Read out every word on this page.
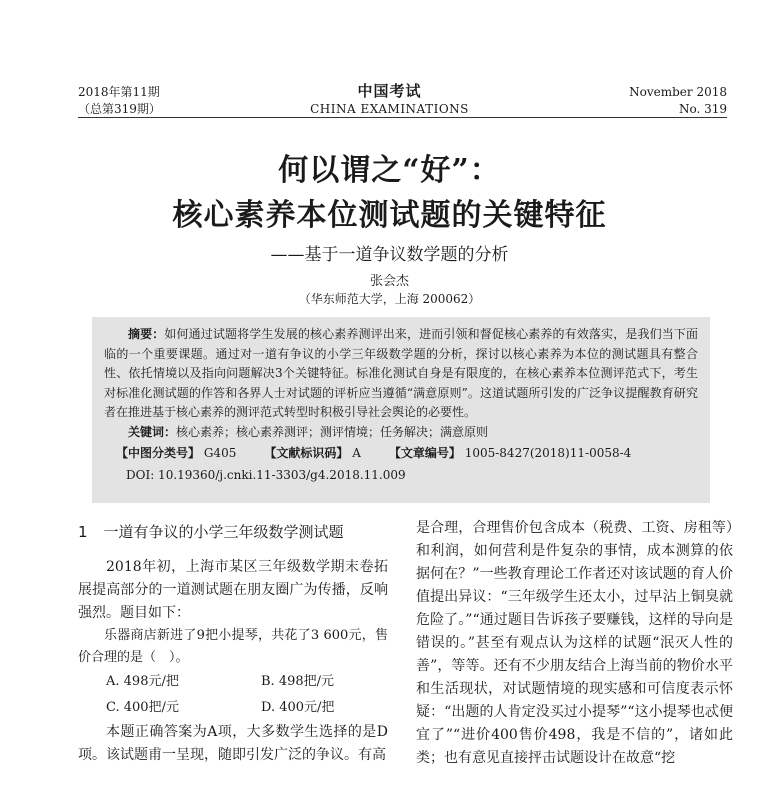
2018年第11期
（总第319期）
中国考试
CHINA EXAMINATIONS
November 2018
No. 319
何以谓之“好”：
核心素养本位测试题的关键特征
——基于一道争议数学题的分析
张会杰
（华东师范大学，上海 200062）

摘要：如何通过试题将学生发展的核心素养测评出来，进而引领和督促核心素养的有效落实，是我们当下面临的一个重要课题。通过对一道有争议的小学三年级数学题的分析，探讨以核心素养为本位的测试题具有整合性、依托情境以及指向问题解决3个关键特征。标准化测试自身是有限度的，在核心素养本位测评范式下，考生对标准化测试题的作答和各界人士对试题的评析应当遵循“满意原则”。这道试题所引发的广泛争议提醒教育研究者在推进基于核心素养的测评范式转型时积极引导社会舆论的必要性。

关键词：核心素养；核心素养测评；测评情境；任务解决；满意原则

【中图分类号】 G405 【文献标识码】 A 【文章编号】 1005-8427(2018)11-0058-4
DOI: 10.19360/j.cnki.11-3303/g4.2018.11.009

1 一道有争议的小学三年级数学测试题

2018年初，上海市某区三年级数学期末卷拓展提高部分的一道测试题在朋友圈广为传播，反响强烈。题目如下：

乐器商店新进了9把小提琴，共花了3 600元，售价合理的是（　）。

A. 498元/把	B. 498把/元
C. 400把/元	D. 400元/把

本题正确答案为A项，大多数学生选择的是D项。该试题甫一呈现，随即引发广泛的争议。有高

是合理，合理售价包含成本（税费、工资、房租等）和利润，如何营利是件复杂的事情，成本测算的依据何在？”一些教育理论工作者还对该试题的育人价值提出异议：“三年级学生还太小，过早沾上铜臭就危险了。”“通过题目告诉孩子要赚钱，这样的导向是错误的。”甚至有观点认为这样的试题“泯灭人性的善”，等等。还有不少朋友结合上海当前的物价水平和生活现状，对试题情境的现实感和可信度表示怀疑：“出题的人肯定没买过小提琴”“这小提琴也忒便宜了”“进价400售价498，我是不信的”，诸如此类；也有意见直接抨击试题设计在故意“挖
